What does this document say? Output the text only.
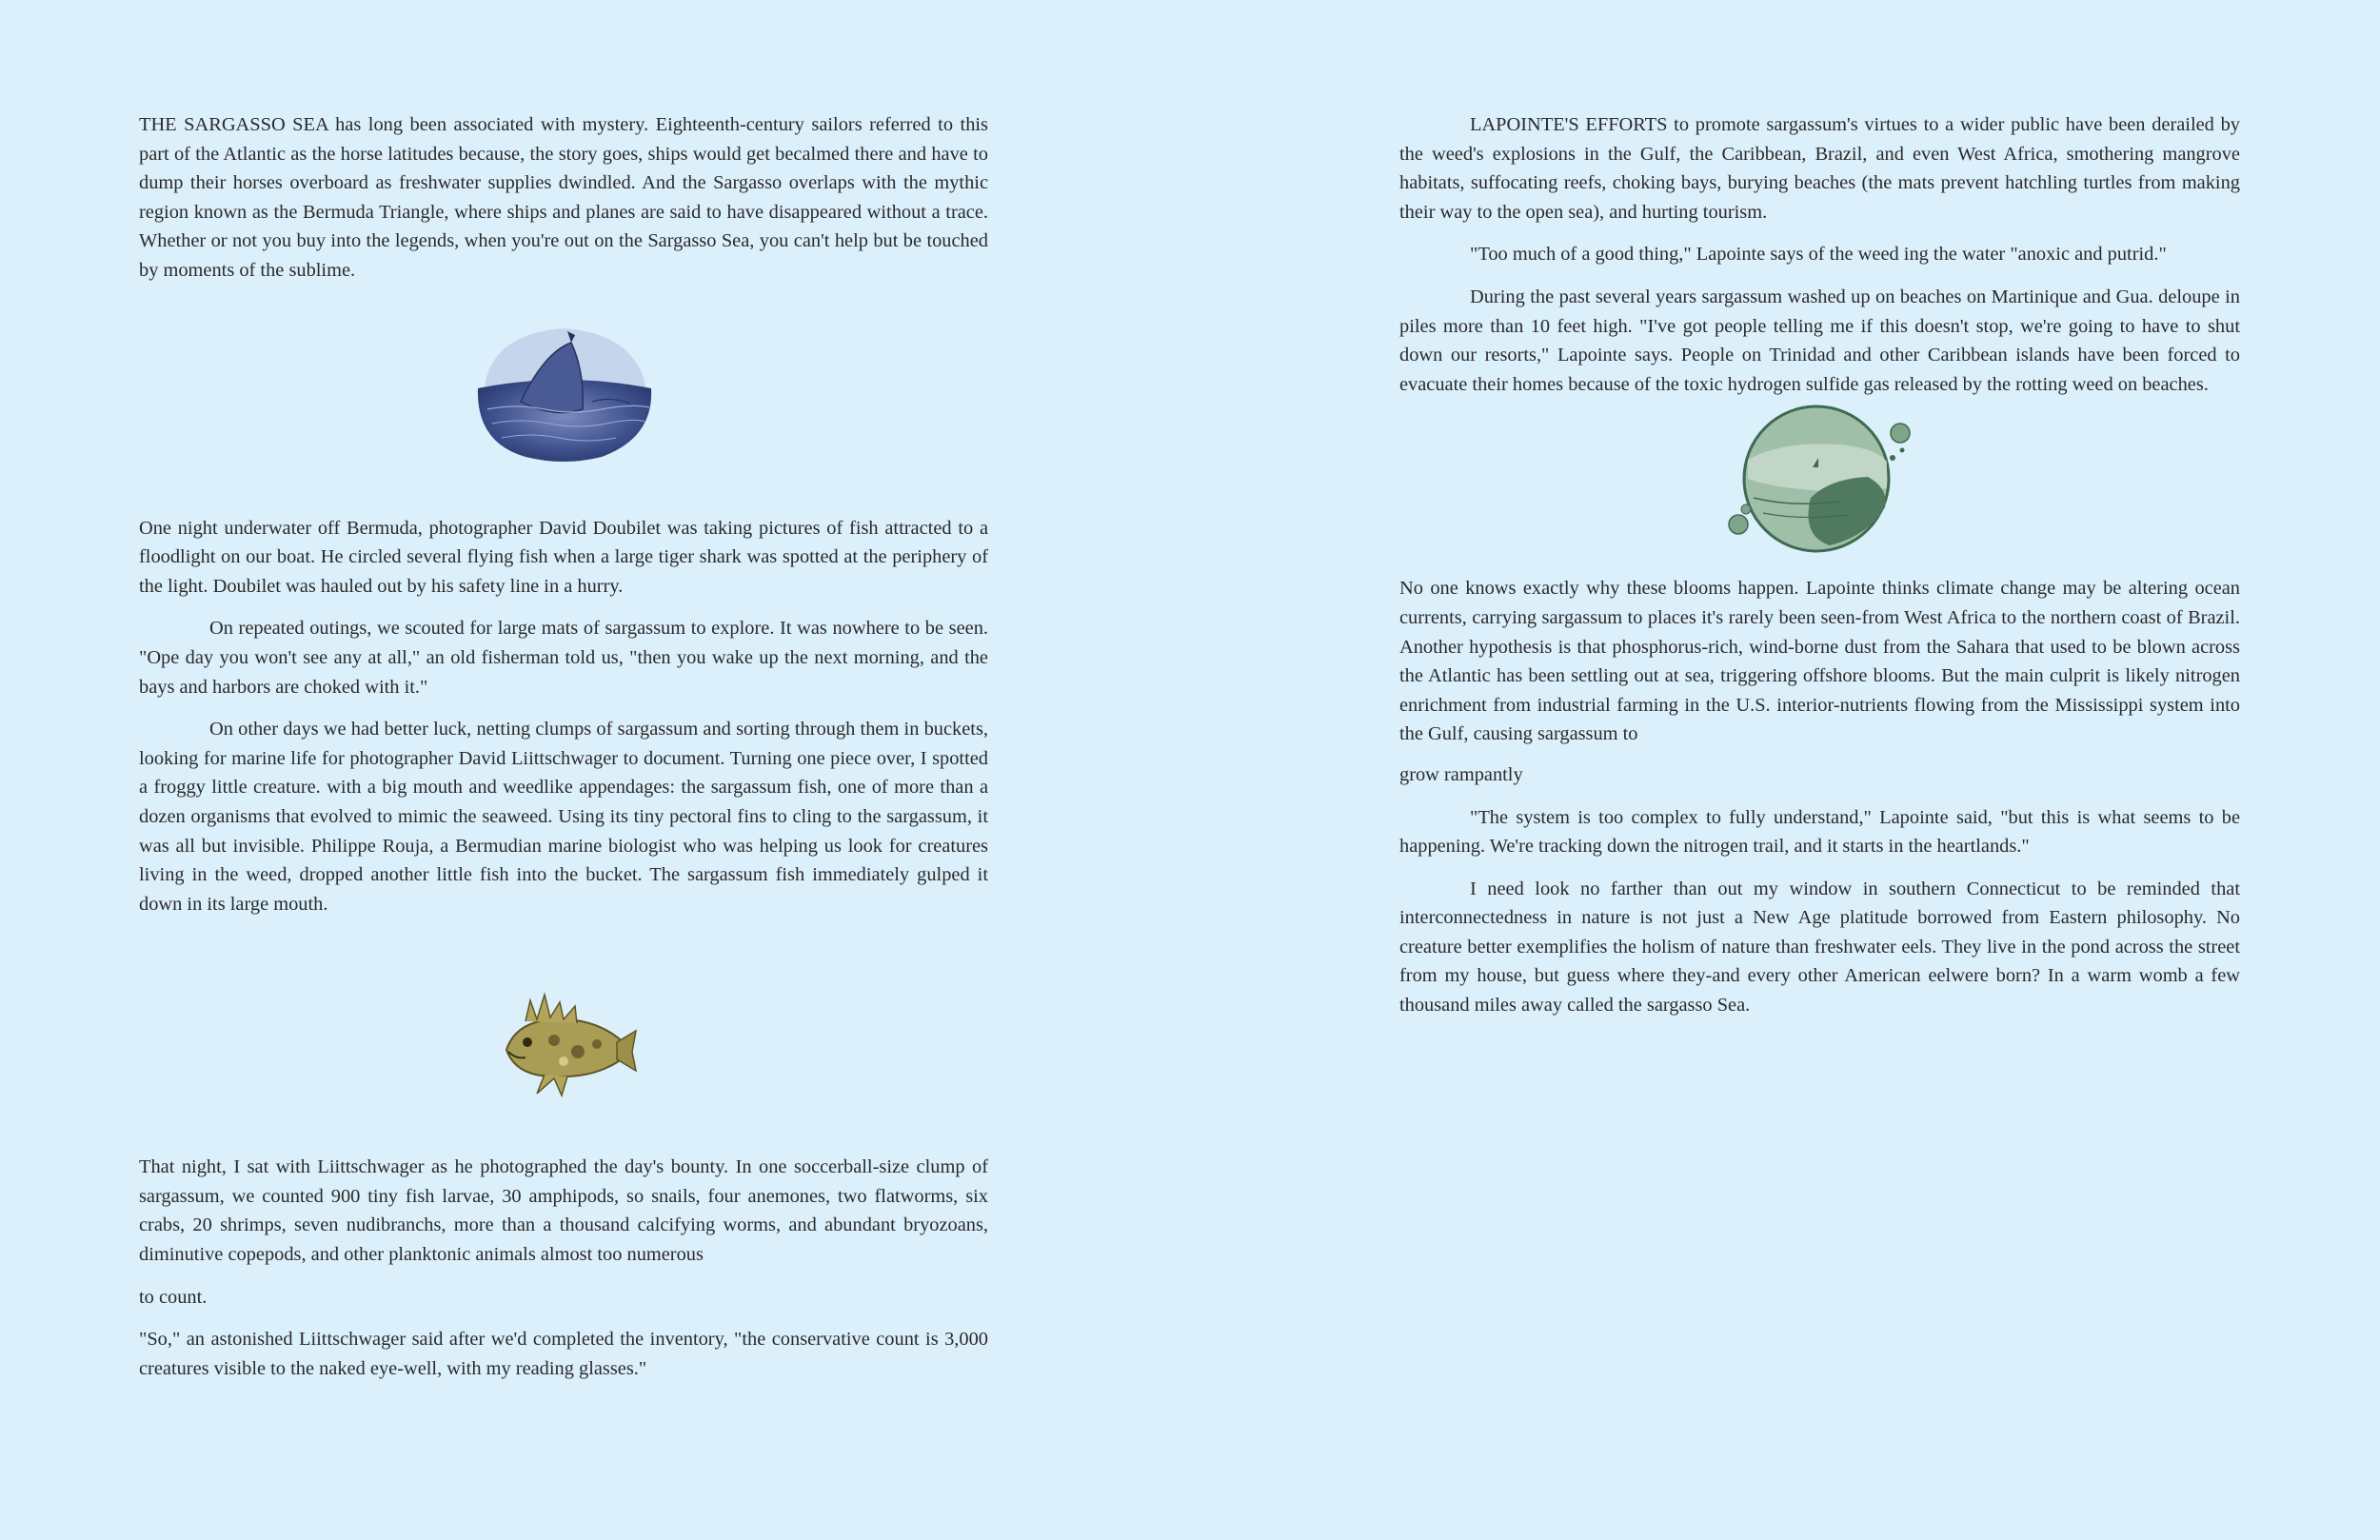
THE SARGASSO SEA has long been associated with mystery. Eighteenth-century sailors referred to this part of the Atlantic as the horse latitudes because, the story goes, ships would get becalmed there and have to dump their horses overboard as freshwater supplies dwindled. And the Sargasso overlaps with the mythic region known as the Bermuda Triangle, where ships and planes are said to have disappeared without a trace. Whether or not you buy into the legends, when you're out on the Sargasso Sea, you can't help but be touched by moments of the sublime.

One night underwater off Bermuda, photographer David Doubilet was taking pictures of fish attracted to a floodlight on our boat. He circled several flying fish when a large tiger shark was spotted at the periphery of the light. Doubilet was hauled out by his safety line in a hurry.

On repeated outings, we scouted for large mats of sargassum to explore. It was nowhere to be seen. "Ope day you won't see any at all," an old fisherman told us, "then you wake up the next morning, and the bays and harbors are choked with it."

On other days we had better luck, netting clumps of sargassum and sorting through them in buckets, looking for marine life for photographer David Liittschwager to document. Turning one piece over, I spotted a froggy little creature. with a big mouth and weedlike appendages: the sargassum fish, one of more than a dozen organisms that evolved to mimic the seaweed. Using its tiny pectoral fins to cling to the sargassum, it was all but invisible. Philippe Rouja, a Bermudian marine biologist who was helping us look for creatures living in the weed, dropped another little fish into the bucket. The sargassum fish immediately gulped it down in its large mouth.

That night, I sat with Liittschwager as he photographed the day's bounty. In one soccerball-size clump of sargassum, we counted 900 tiny fish larvae, 30 amphipods, so snails, four anemones, two flatworms, six crabs, 20 shrimps, seven nudibranchs, more than a thousand calcifying worms, and abundant bryozoans, diminutive copepods, and other planktonic animals almost too numerous

to count.

"So," an astonished Liittschwager said after we'd completed the inventory, "the conservative count is 3,000 creatures visible to the naked eye-well, with my reading glasses."

LAPOINTE'S EFFORTS to promote sargassum's virtues to a wider public have been derailed by the weed's explosions in the Gulf, the Caribbean, Brazil, and even West Africa, smothering mangrove habitats, suffocating reefs, choking bays, burying beaches (the mats prevent hatchling turtles from making their way to the open sea), and hurting tourism.

"Too much of a good thing," Lapointe says of the weed ing the water "anoxic and putrid."

During the past several years sargassum washed up on beaches on Martinique and Gua. deloupe in piles more than 10 feet high. "I've got people telling me if this doesn't stop, we're going to have to shut down our resorts," Lapointe says. People on Trinidad and other Caribbean islands have been forced to evacuate their homes because of the toxic hydrogen sulfide gas released by the rotting weed on beaches.

No one knows exactly why these blooms happen. Lapointe thinks climate change may be altering ocean currents, carrying sargassum to places it's rarely been seen-from West Africa to the northern coast of Brazil. Another hypothesis is that phosphorus-rich, wind-borne dust from the Sahara that used to be blown across the Atlantic has been settling out at sea, triggering offshore blooms. But the main culprit is likely nitrogen enrichment from industrial farming in the U.S. interior-nutrients flowing from the Mississippi system into the Gulf, causing sargassum to

grow rampantly

"The system is too complex to fully understand," Lapointe said, "but this is what seems to be happening. We're tracking down the nitrogen trail, and it starts in the heartlands."

I need look no farther than out my window in southern Connecticut to be reminded that interconnectedness in nature is not just a New Age platitude borrowed from Eastern philosophy. No creature better exemplifies the holism of nature than freshwater eels. They live in the pond across the street from my house, but guess where they-and every other American eelwere born? In a warm womb a few thousand miles away called the sargasso Sea.
